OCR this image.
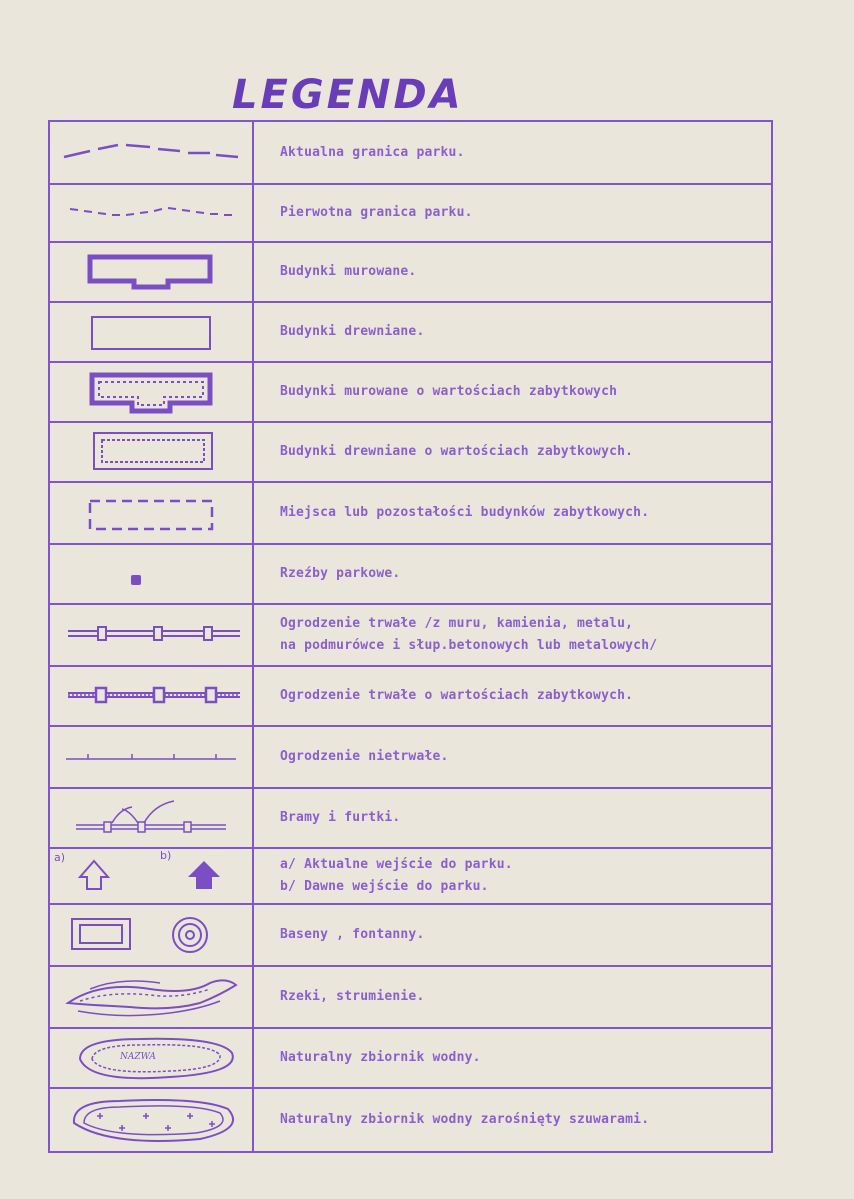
LEGENDA

Aktualna granica parku.

Pierwotna granica parku.

Budynki murowane.

Budynki drewniane.

Budynki murowane o wartościach zabytkowych

Budynki drewniane o wartościach zabytkowych.

Miejsca lub pozostałości budynków zabytkowych.

Rzeźby parkowe.

Ogrodzenie trwałe /z muru, kamienia, metalu,
na podmurówce i słup.betonowych lub metalowych/

Ogrodzenie trwałe o wartościach zabytkowych.

Ogrodzenie nietrwałe.

Bramy i furtki.

a) b)	a/ Aktualne wejście do parku.
b/ Dawne wejście do parku.

Baseny , fontanny.

Rzeki, strumienie.

NAZWA	Naturalny zbiornik wodny.

Naturalny zbiornik wodny zarośnięty szuwarami.
